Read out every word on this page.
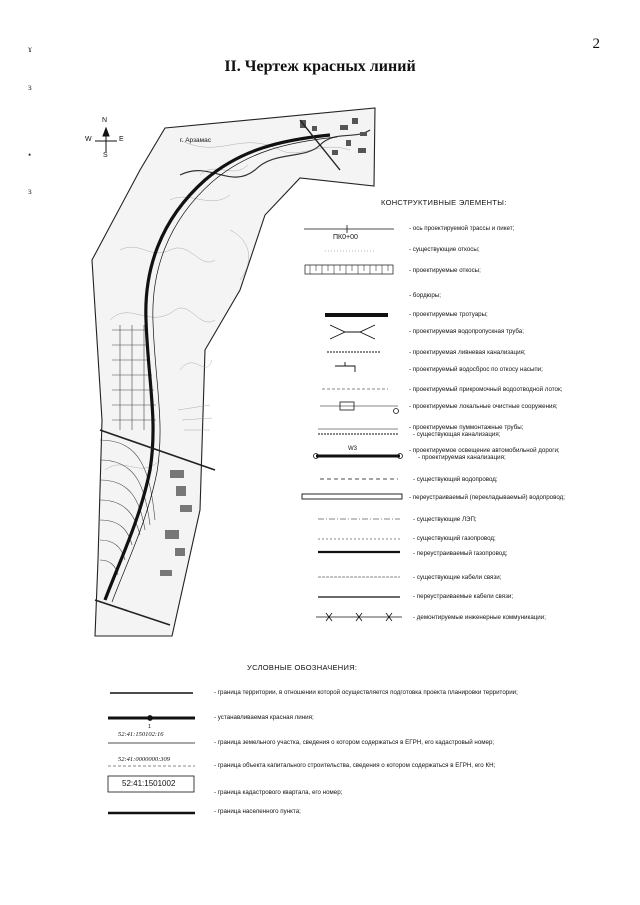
2
II. Чертеж красных линий
ɤ
ɜ
•
ɜ
N
S
E
W	г. Арзамас
КОНСТРУКТИВНЫЕ ЭЛЕМЕНТЫ:
ПК0+00
W3
- ось проектируемой трассы и пикет;
- существующие откосы;
- проектируемые откосы;
- бордюры;
- проектируемые тротуары;
- проектируемая водопропускная труба;
- проектируемая ливневая канализация;
- проектируемый водосброс по откосу насыпи;
- проектируемый прикромочный водоотводной лоток;
- проектируемые локальные очистные сооружения;
- проектируемые пуммонтажные трубы;
- существующая канализация;
- проектируемое освещение автомобильной дороги;
- проектируемая канализация;
- существующий водопровод;
- переустраиваемый (перекладываемый) водопровод;
- существующие ЛЭП;
- существующий газопровод;
- переустраиваемый газопровод;
- существующие кабели связи;
- переустраиваемые кабели связи;
- демонтируемые инженерные коммуникации;
УСЛОВНЫЕ ОБОЗНАЧЕНИЯ:
1
52:41:150102:16
52:41:0000000:309
52:41:1501002
- граница территории, в отношении которой осуществляется подготовка проекта планировки территории;
- устанавливаемая красная линия;
- граница земельного участка, сведения о котором содержаться в ЕГРН, его кадастровый номер;
- граница объекта капитального строительства, сведения о котором содержаться в ЕГРН, его КН;
- граница кадастрового квартала, его номер;
- граница населенного пункта;
